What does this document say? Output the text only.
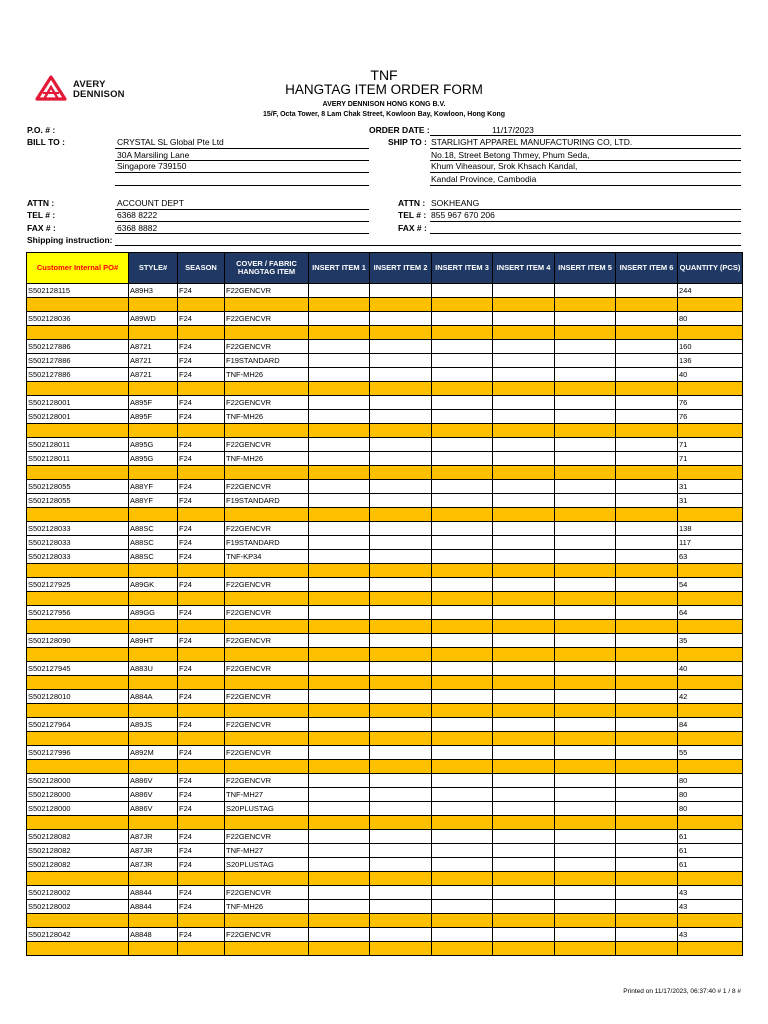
AVERY
DENNISON
TNF
HANGTAG ITEM ORDER FORM
AVERY DENNISON HONG KONG B.V.
15/F, Octa Tower, 8 Lam Chak Street, Kowloon Bay, Kowloon, Hong Kong
P.O. # :
BILL TO :	CRYSTAL SL Global Pte Ltd
30A Marsiling Lane
Singapore 739150
ATTN :	ACCOUNT DEPT
TEL # :	6368 8222
FAX # :	6368 8882
Shipping instruction:
ORDER DATE :	11/17/2023
SHIP TO : STARLIGHT APPAREL MANUFACTURING CO, LTD.
No.18, Street Betong Thmey, Phum Seda,
Khum Viheasour, Srok Khsach Kandal,
Kandal Province, Cambodia
ATTN : SOKHEANG
TEL # : 855 967 670 206
FAX # :
Customer Internal PO#	STYLE#	SEASON	COVER / FABRIC HANGTAG ITEM	INSERT ITEM 1	INSERT ITEM 2	INSERT ITEM 3	INSERT ITEM 4	INSERT ITEM 5	INSERT ITEM 6	QUANTITY (PCS)
S502128115	A89H3	F24	F22GENCVR							244

S502128036	A89WD	F24	F22GENCVR							80

S502127886	A8721	F24	F22GENCVR							160
S502127886	A8721	F24	F19STANDARD							136
S502127886	A8721	F24	TNF-MH26							40

S502128001	A895F	F24	F22GENCVR							76
S502128001	A895F	F24	TNF-MH26							76

S502128011	A895G	F24	F22GENCVR							71
S502128011	A895G	F24	TNF-MH26							71

S502128055	A88YF	F24	F22GENCVR							31
S502128055	A88YF	F24	F19STANDARD							31

S502128033	A88SC	F24	F22GENCVR							138
S502128033	A88SC	F24	F19STANDARD							117
S502128033	A88SC	F24	TNF-KP34							63

S502127925	A89GK	F24	F22GENCVR							54

S502127956	A89GG	F24	F22GENCVR							64

S502128090	A89HT	F24	F22GENCVR							35

S502127945	A883U	F24	F22GENCVR							40

S502128010	A884A	F24	F22GENCVR							42

S502127964	A89JS	F24	F22GENCVR							84

S502127996	A892M	F24	F22GENCVR							55

S502128000	A886V	F24	F22GENCVR							80
S502128000	A886V	F24	TNF-MH27							80
S502128000	A886V	F24	S20PLUSTAG							80

S502128082	A87JR	F24	F22GENCVR							61
S502128082	A87JR	F24	TNF-MH27							61
S502128082	A87JR	F24	S20PLUSTAG							61

S502128002	A8844	F24	F22GENCVR							43
S502128002	A8844	F24	TNF-MH26							43

S502128042	A8848	F24	F22GENCVR							43

Printed on 11/17/2023, 06:37:40 # 1 / 8 #
